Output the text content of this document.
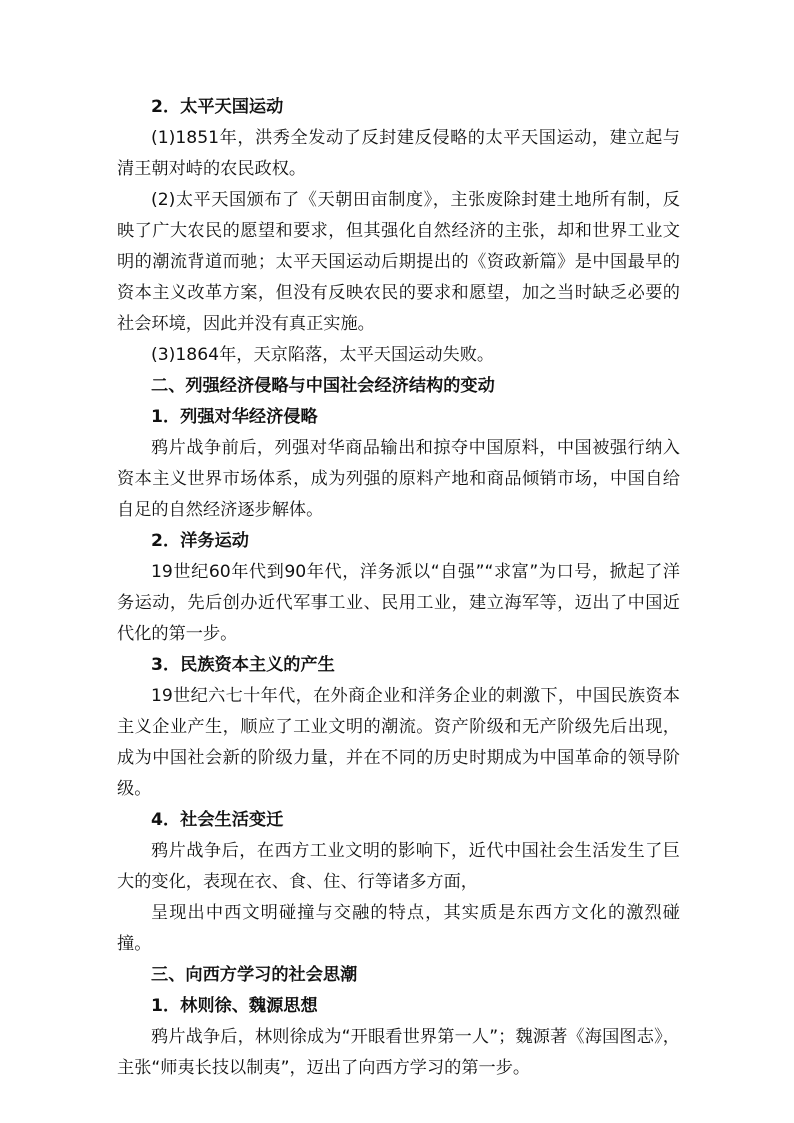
2．太平天国运动

(1)1851年，洪秀全发动了反封建反侵略的太平天国运动，建立起与清王朝对峙的农民政权。

(2)太平天国颁布了《天朝田亩制度》，主张废除封建土地所有制，反映了广大农民的愿望和要求，但其强化自然经济的主张，却和世界工业文明的潮流背道而驰；太平天国运动后期提出的《资政新篇》是中国最早的资本主义改革方案，但没有反映农民的要求和愿望，加之当时缺乏必要的社会环境，因此并没有真正实施。

(3)1864年，天京陷落，太平天国运动失败。

二、列强经济侵略与中国社会经济结构的变动

1．列强对华经济侵略

鸦片战争前后，列强对华商品输出和掠夺中国原料，中国被强行纳入资本主义世界市场体系，成为列强的原料产地和商品倾销市场，中国自给自足的自然经济逐步解体。

2．洋务运动

19世纪60年代到90年代，洋务派以“自强”“求富”为口号，掀起了洋务运动，先后创办近代军事工业、民用工业，建立海军等，迈出了中国近代化的第一步。

3．民族资本主义的产生

19世纪六七十年代，在外商企业和洋务企业的刺激下，中国民族资本主义企业产生，顺应了工业文明的潮流。资产阶级和无产阶级先后出现，成为中国社会新的阶级力量，并在不同的历史时期成为中国革命的领导阶级。

4．社会生活变迁

鸦片战争后，在西方工业文明的影响下，近代中国社会生活发生了巨大的变化，表现在衣、食、住、行等诸多方面，

呈现出中西文明碰撞与交融的特点，其实质是东西方文化的激烈碰撞。

三、向西方学习的社会思潮

1．林则徐、魏源思想

鸦片战争后，林则徐成为“开眼看世界第一人”；魏源著《海国图志》，主张“师夷长技以制夷”，迈出了向西方学习的第一步。
